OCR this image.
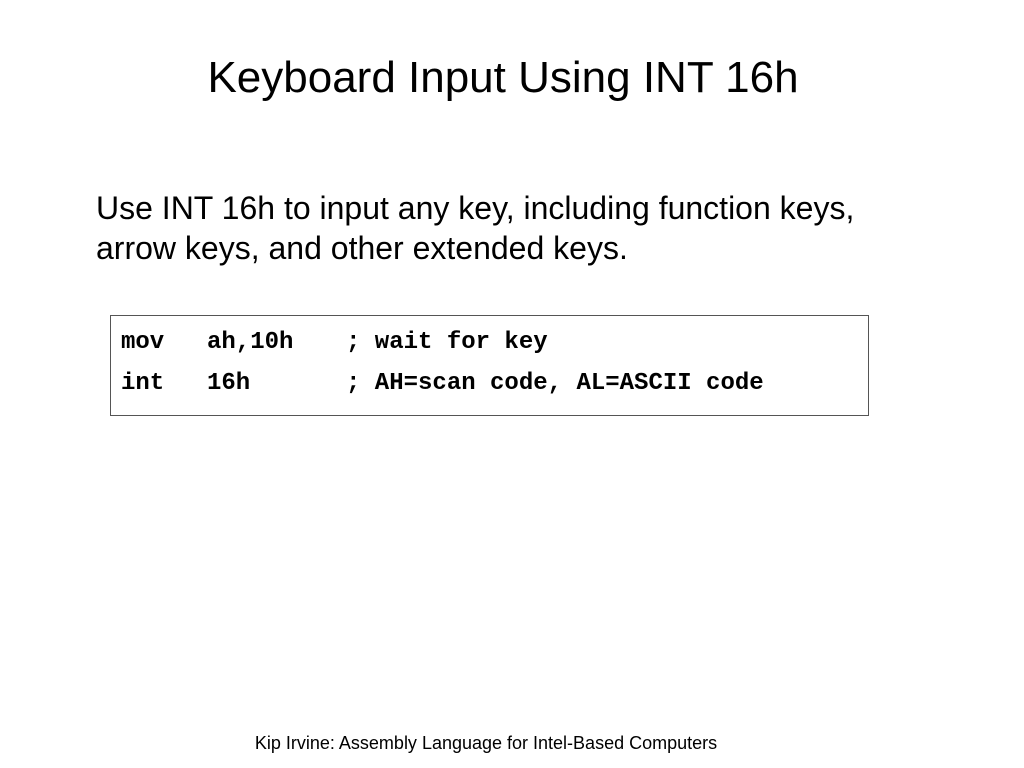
Keyboard Input Using INT 16h

Use INT 16h to input any key, including function keys, arrow keys, and other extended keys.

mov	ah,10h	; wait for key
int	16h	; AH=scan code, AL=ASCII code
Kip Irvine: Assembly Language for Intel-Based Computers
